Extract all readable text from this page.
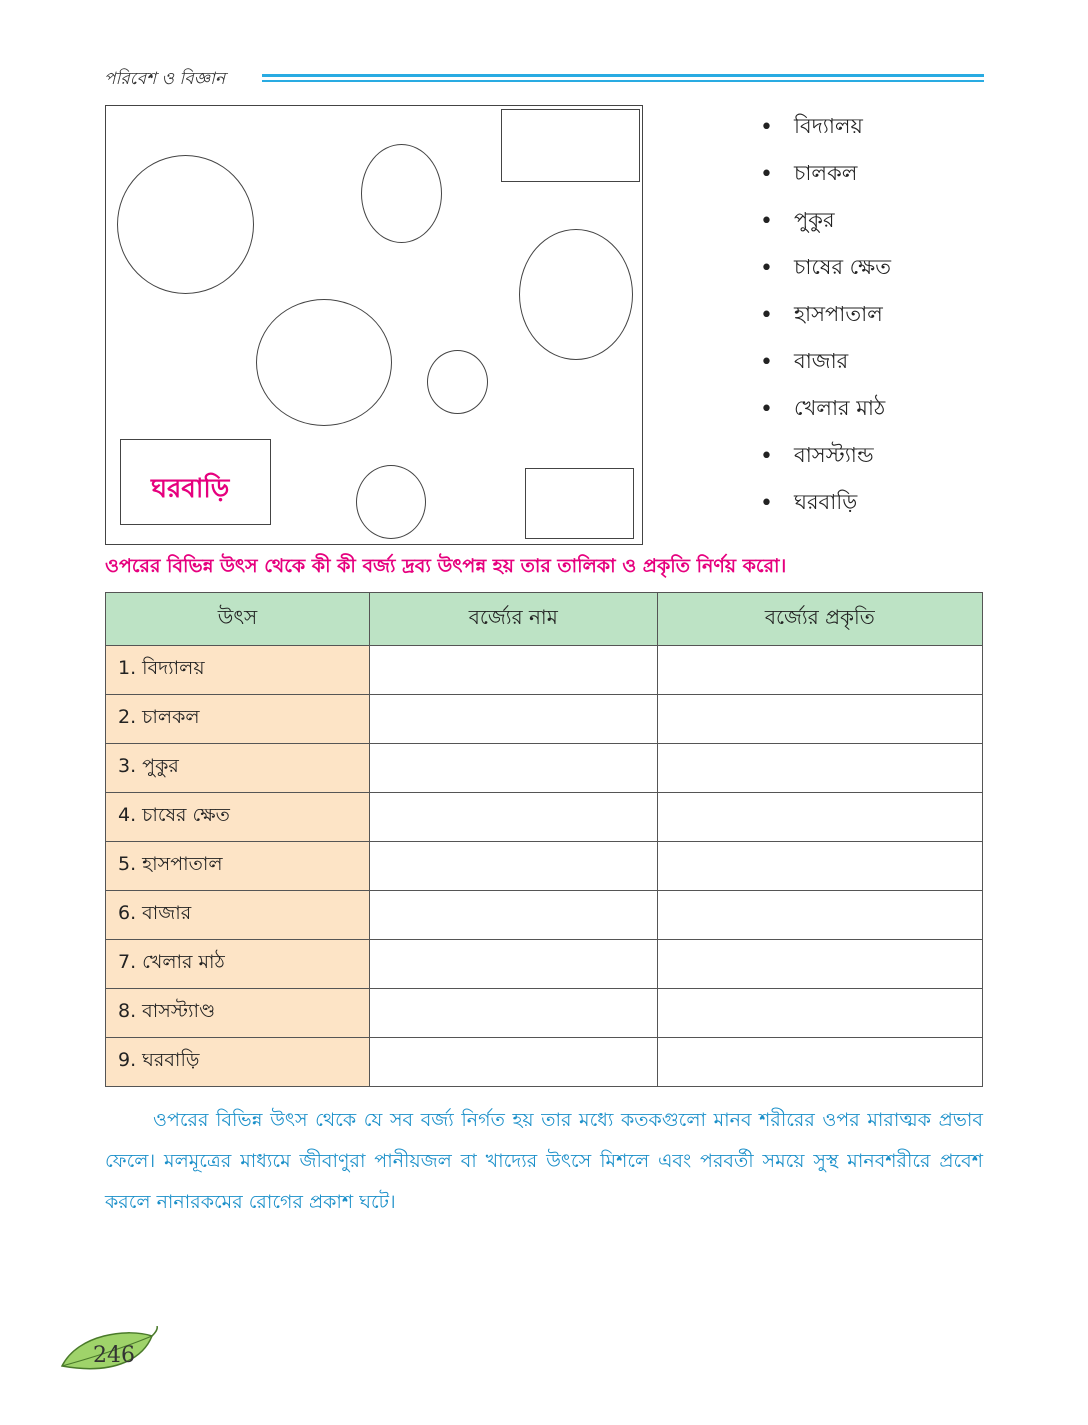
পরিবেশ ও বিজ্ঞান
ঘরবাড়ি
•	বিদ্যালয়
•	চালকল
•	পুকুর
•	চাষের ক্ষেত
•	হাসপাতাল
•	বাজার
•	খেলার মাঠ
•	বাসস্ট্যান্ড
•	ঘরবাড়ি
ওপরের বিভিন্ন উৎস থেকে কী কী বর্জ্য দ্রব্য উৎপন্ন হয় তার তালিকা ও প্রকৃতি নির্ণয় করো।
উৎস	বর্জ্যের নাম	বর্জ্যের প্রকৃতি
1. বিদ্যালয়		
2. চালকল		
3. পুকুর		
4. চাষের ক্ষেত		
5. হাসপাতাল		
6. বাজার		
7. খেলার মাঠ		
8. বাসস্ট্যাণ্ড		
9. ঘরবাড়ি		

ওপরের বিভিন্ন উৎস থেকে যে সব বর্জ্য নির্গত হয় তার মধ্যে কতকগুলো মানব শরীরের ওপর মারাত্মক প্রভাব ফেলে। মলমূত্রের মাধ্যমে জীবাণুরা পানীয়জল বা খাদ্যের উৎসে মিশলে এবং পরবর্তী সময়ে সুস্থ মানবশরীরে প্রবেশ করলে নানারকমের রোগের প্রকাশ ঘটে।

246
